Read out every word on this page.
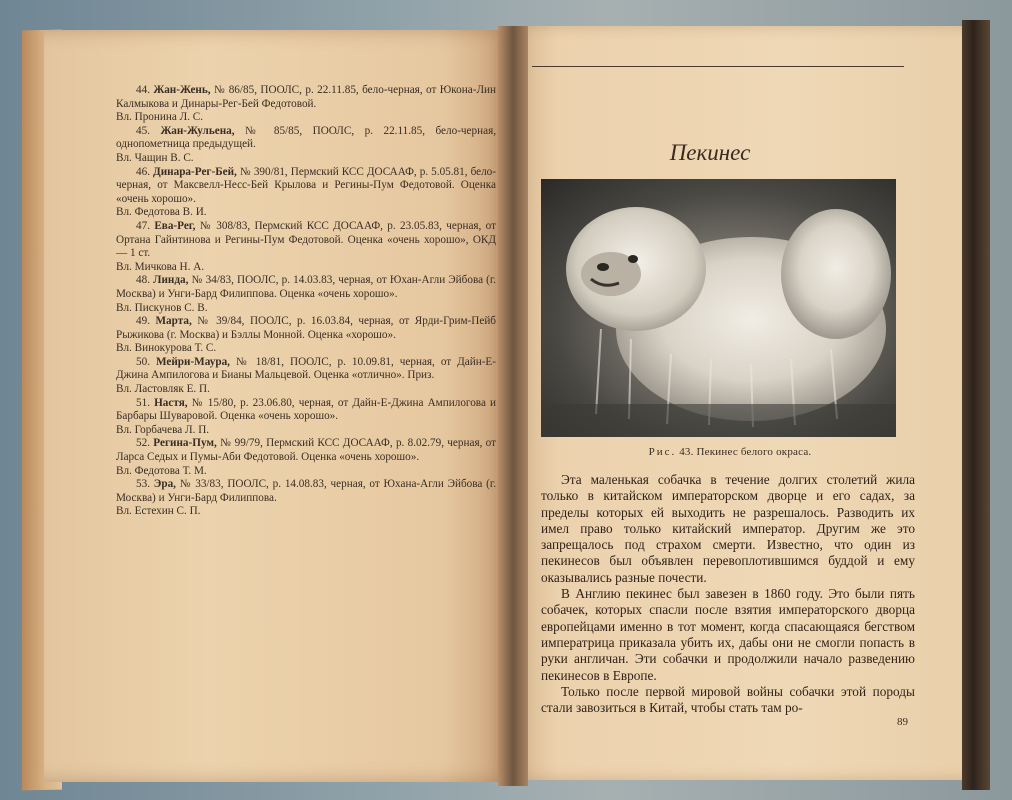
44. Жан-Жень, № 86/85, ПООЛС, р. 22.11.85, бело-черная, от Юкона-Лин Калмыкова и Динары-Рег-Бей Федотовой.

Вл. Пронина Л. С.

45. Жан-Жульена, № 85/85, ПООЛС, р. 22.11.85, бело-черная, однопометница предыдущей.

Вл. Чащин В. С.

46. Динара-Рег-Бей, № 390/81, Пермский КСС ДОСААФ, р. 5.05.81, бело-черная, от Максвелл-Несс-Бей Крылова и Регины-Пум Федотовой. Оценка «очень хорошо».

Вл. Федотова В. И.

47. Ева-Рег, № 308/83, Пермский КСС ДОСААФ, р. 23.05.83, черная, от Ортана Гайнтинова и Регины-Пум Федотовой. Оценка «очень хорошо», ОКД — 1 ст.

Вл. Мичкова Н. А.

48. Линда, № 34/83, ПООЛС, р. 14.03.83, черная, от Юхан-Агли Эйбова (г. Москва) и Унги-Бард Филиппова. Оценка «очень хорошо».

Вл. Пискунов С. В.

49. Марта, № 39/84, ПООЛС, р. 16.03.84, черная, от Ярди-Грим-Пейб Рыжикова (г. Москва) и Бэллы Монной. Оценка «хорошо».

Вл. Винокурова Т. С.

50. Мейри-Маура, № 18/81, ПООЛС, р. 10.09.81, черная, от Дайн-Е-Джина Ампилогова и Бианы Мальцевой. Оценка «отлично». Приз.

Вл. Ластовляк Е. П.

51. Настя, № 15/80, р. 23.06.80, черная, от Дайн-Е-Джина Ампилогова и Барбары Шуваровой. Оценка «очень хорошо».

Вл. Горбачева Л. П.

52. Регина-Пум, № 99/79, Пермский КСС ДОСААФ, р. 8.02.79, черная, от Ларса Седых и Пумы-Аби Федотовой. Оценка «очень хорошо».

Вл. Федотова Т. М.

53. Эра, № 33/83, ПООЛС, р. 14.08.83, черная, от Юхана-Агли Эйбова (г. Москва) и Унги-Бард Филиппова.

Вл. Естехин С. П.

Пекинес
Рис. 43. Пекинес белого окраса.

Эта маленькая собачка в течение долгих столетий жила только в китайском императорском дворце и его садах, за пределы которых ей выходить не разрешалось. Разводить их имел право только китайский император. Другим же это запрещалось под страхом смерти. Известно, что один из пекинесов был объявлен перевоплотившимся буддой и ему оказывались разные почести.

В Англию пекинес был завезен в 1860 году. Это были пять собачек, которых спасли после взятия императорского дворца европейцами именно в тот момент, когда спасающаяся бегством императрица приказала убить их, дабы они не смогли попасть в руки англичан. Эти собачки и продолжили начало разведению пекинесов в Европе.

Только после первой мировой войны собачки этой породы стали завозиться в Китай, чтобы стать там ро-

89
